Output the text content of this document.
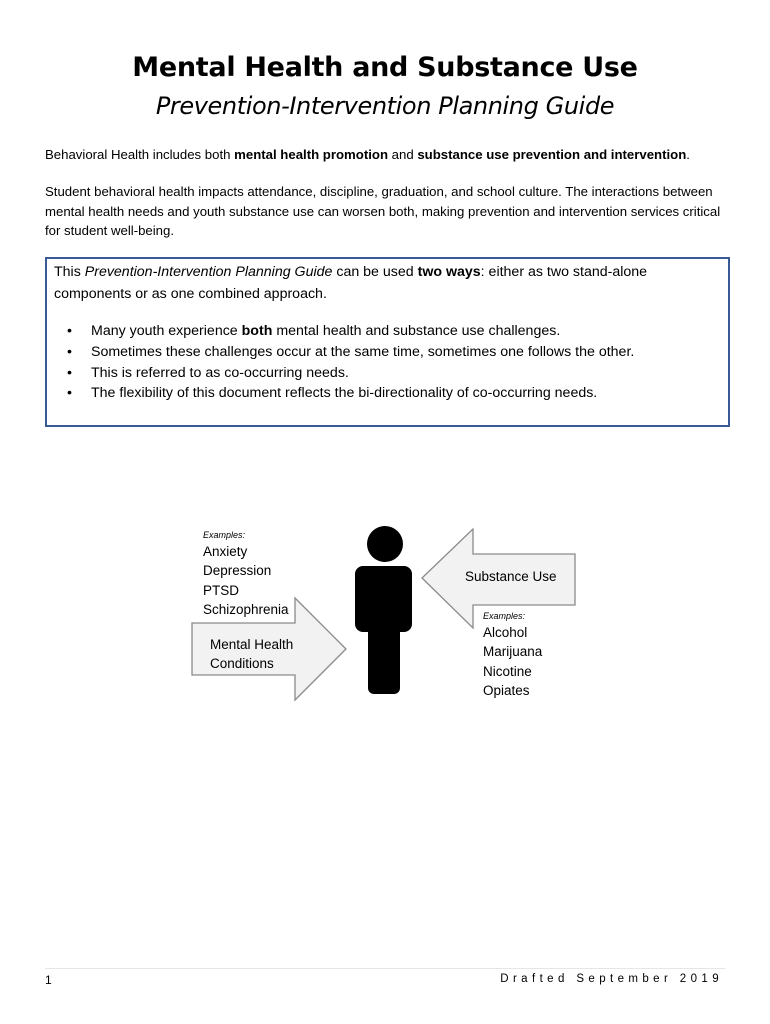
Mental Health and Substance Use
Prevention-Intervention Planning Guide
Behavioral Health includes both mental health promotion and substance use prevention and intervention.
Student behavioral health impacts attendance, discipline, graduation, and school culture. The interactions between mental health needs and youth substance use can worsen both, making prevention and intervention services critical for student well-being.
This Prevention-Intervention Planning Guide can be used two ways: either as two stand-alone components or as one combined approach.
• Many youth experience both mental health and substance use challenges.
• Sometimes these challenges occur at the same time, sometimes one follows the other.
• This is referred to as co-occurring needs.
• The flexibility of this document reflects the bi-directionality of co-occurring needs.
Examples:
Anxiety
Depression
PTSD
Schizophrenia
Mental Health
Conditions
Substance Use
Examples:
Alcohol
Marijuana
Nicotine
Opiates
1	Drafted September 2019
